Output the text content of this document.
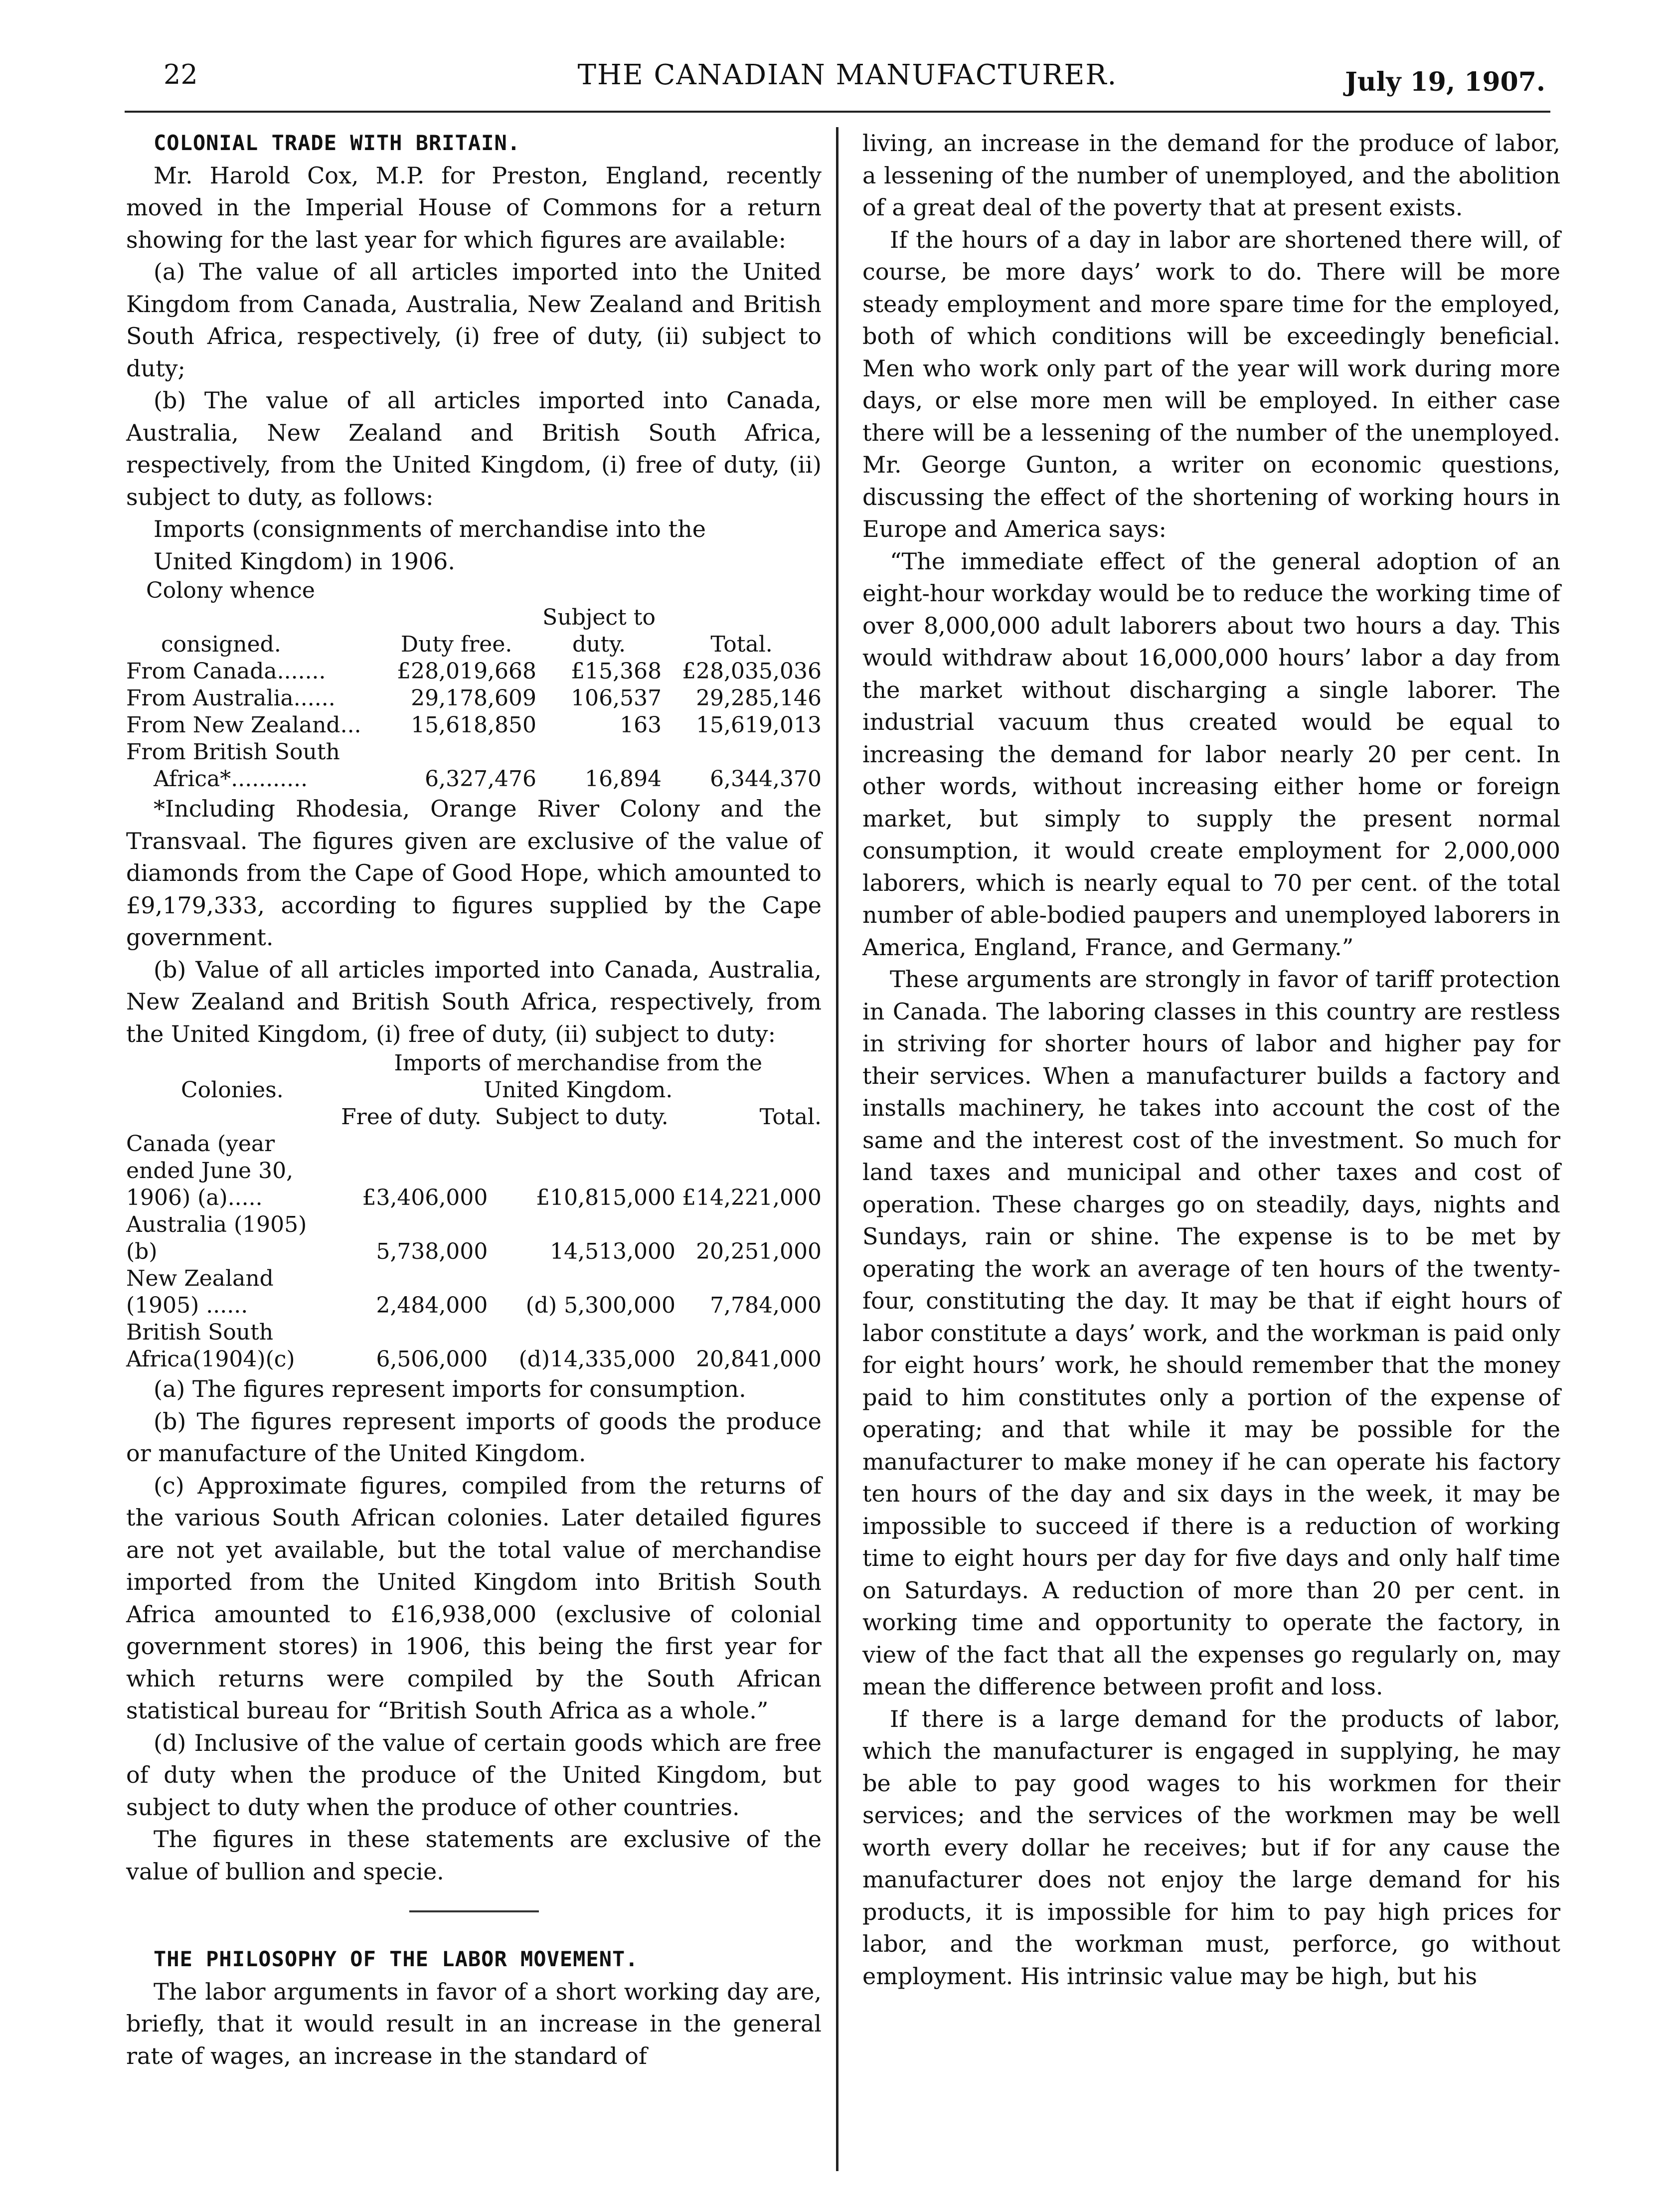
22	THE CANADIAN MANUFACTURER.	July 19, 1907.

COLONIAL TRADE WITH BRITAIN.

Mr. Harold Cox, M.P. for Preston, England, recently moved in the Imperial House of Commons for a return showing for the last year for which figures are available:

(a) The value of all articles imported into the United Kingdom from Canada, Australia, New Zealand and British South Africa, respectively, (i) free of duty, (ii) subject to duty;

(b) The value of all articles imported into Canada, Australia, New Zealand and British South Africa, respectively, from the United Kingdom, (i) free of duty, (ii) subject to duty, as follows:

Imports (consignments of merchandise into the

United Kingdom) in 1906.

Colony whence			
consigned.	Duty free.	Subject to duty.	Total.
From Canada.......	£28,019,668	£15,368	£28,035,036
From Australia......	29,178,609	106,537	29,285,146
From New Zealand...	15,618,850	163	15,619,013
From British South			
Africa*...........	6,327,476	16,894	6,344,370

*Including Rhodesia, Orange River Colony and the Transvaal. The figures given are exclusive of the value of diamonds from the Cape of Good Hope, which amounted to £9,179,333, according to figures supplied by the Cape government.

(b) Value of all articles imported into Canada, Australia, New Zealand and British South Africa, respectively, from the United Kingdom, (i) free of duty, (ii) subject to duty:

	Imports of merchandise from the		
Colonies.	United Kingdom.		
	Free of duty.	Subject to duty.	Total.
Canada (year ended June 30, 1906) (a).....	£3,406,000	£10,815,000	£14,221,000
Australia (1905) (b)	5,738,000	14,513,000	20,251,000
New Zealand (1905) ......	2,484,000	(d) 5,300,000	7,784,000
British South Africa(1904)(c)	6,506,000	(d)14,335,000	20,841,000

(a) The figures represent imports for consumption.

(b) The figures represent imports of goods the produce or manufacture of the United Kingdom.

(c) Approximate figures, compiled from the returns of the various South African colonies. Later detailed figures are not yet available, but the total value of merchandise imported from the United Kingdom into British South Africa amounted to £16,938,000 (exclusive of colonial government stores) in 1906, this being the first year for which returns were compiled by the South African statistical bureau for “British South Africa as a whole.”

(d) Inclusive of the value of certain goods which are free of duty when the produce of the United Kingdom, but subject to duty when the produce of other countries.

The figures in these statements are exclusive of the value of bullion and specie.

THE PHILOSOPHY OF THE LABOR MOVEMENT.

The labor arguments in favor of a short working day are, briefly, that it would result in an increase in the general rate of wages, an increase in the standard of

living, an increase in the demand for the produce of labor, a lessening of the number of unemployed, and the abolition of a great deal of the poverty that at present exists.

If the hours of a day in labor are shortened there will, of course, be more days’ work to do. There will be more steady employment and more spare time for the employed, both of which conditions will be exceedingly beneficial. Men who work only part of the year will work during more days, or else more men will be employed. In either case there will be a lessening of the number of the unemployed. Mr. George Gunton, a writer on economic questions, discussing the effect of the shortening of working hours in Europe and America says:

“The immediate effect of the general adoption of an eight-hour workday would be to reduce the working time of over 8,000,000 adult laborers about two hours a day. This would withdraw about 16,000,000 hours’ labor a day from the market without discharging a single laborer. The industrial vacuum thus created would be equal to increasing the demand for labor nearly 20 per cent. In other words, without increasing either home or foreign market, but simply to supply the present normal consumption, it would create employment for 2,000,000 laborers, which is nearly equal to 70 per cent. of the total number of able-bodied paupers and unemployed laborers in America, England, France, and Germany.”

These arguments are strongly in favor of tariff protection in Canada. The laboring classes in this country are restless in striving for shorter hours of labor and higher pay for their services. When a manufacturer builds a factory and installs machinery, he takes into account the cost of the same and the interest cost of the investment. So much for land taxes and municipal and other taxes and cost of operation. These charges go on steadily, days, nights and Sundays, rain or shine. The expense is to be met by operating the work an average of ten hours of the twenty-four, constituting the day. It may be that if eight hours of labor constitute a days’ work, and the workman is paid only for eight hours’ work, he should remember that the money paid to him constitutes only a portion of the expense of operating; and that while it may be possible for the manufacturer to make money if he can operate his factory ten hours of the day and six days in the week, it may be impossible to succeed if there is a reduction of working time to eight hours per day for five days and only half time on Saturdays. A reduction of more than 20 per cent. in working time and opportunity to operate the factory, in view of the fact that all the expenses go regularly on, may mean the difference between profit and loss.

If there is a large demand for the products of labor, which the manufacturer is engaged in supplying, he may be able to pay good wages to his workmen for their services; and the services of the workmen may be well worth every dollar he receives; but if for any cause the manufacturer does not enjoy the large demand for his products, it is impossible for him to pay high prices for labor, and the workman must, perforce, go without employment. His intrinsic value may be high, but his
